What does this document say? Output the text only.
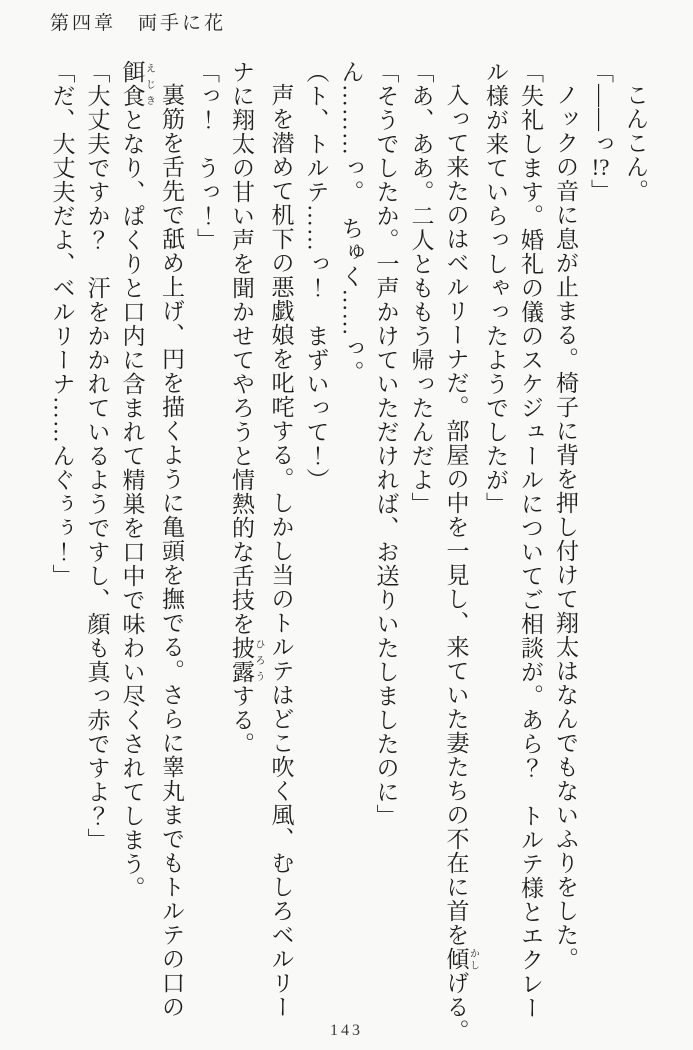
第四章　両手に花
こんこん。
「――っ!?」
ノックの音に息が止まる。椅子に背を押し付けて翔太はなんでもないふりをした。
「失礼します。婚礼の儀のスケジュールについてご相談が。あら？　トルテ様とエクレー
ル様が来ていらっしゃったようでしたが」
入って来たのはベルリーナだ。部屋の中を一見し、来ていた妻たちの不在に首を傾 かしげる。
「あ、ああ。二人とももう帰ったんだよ」
「そうでしたか。一声かけていただければ、お送りいたしましたのに」
ん………っ。　ちゅく……っ。
（ト、トルテ……っ！　まずいって！）
声を潜めて机下の悪戯娘を叱咤する。しかし当のトルテはどこ吹く風、むしろベルリー
ナに翔太の甘い声を聞かせてやろうと情熱的な舌技を披露 ひろうする。
「っ！　うっ！」
裏筋を舌先で舐め上げ、円を描くように亀頭を撫でる。さらに睾丸までもトルテの口の
餌食 えじきとなり、ぱくりと口内に含まれて精巣を口中で味わい尽くされてしまう。
「大丈夫ですか？　汗をかかれているようですし、顔も真っ赤ですよ？」
「だ、大丈夫だよ、ベルリーナ……んぐぅぅ！」
143
